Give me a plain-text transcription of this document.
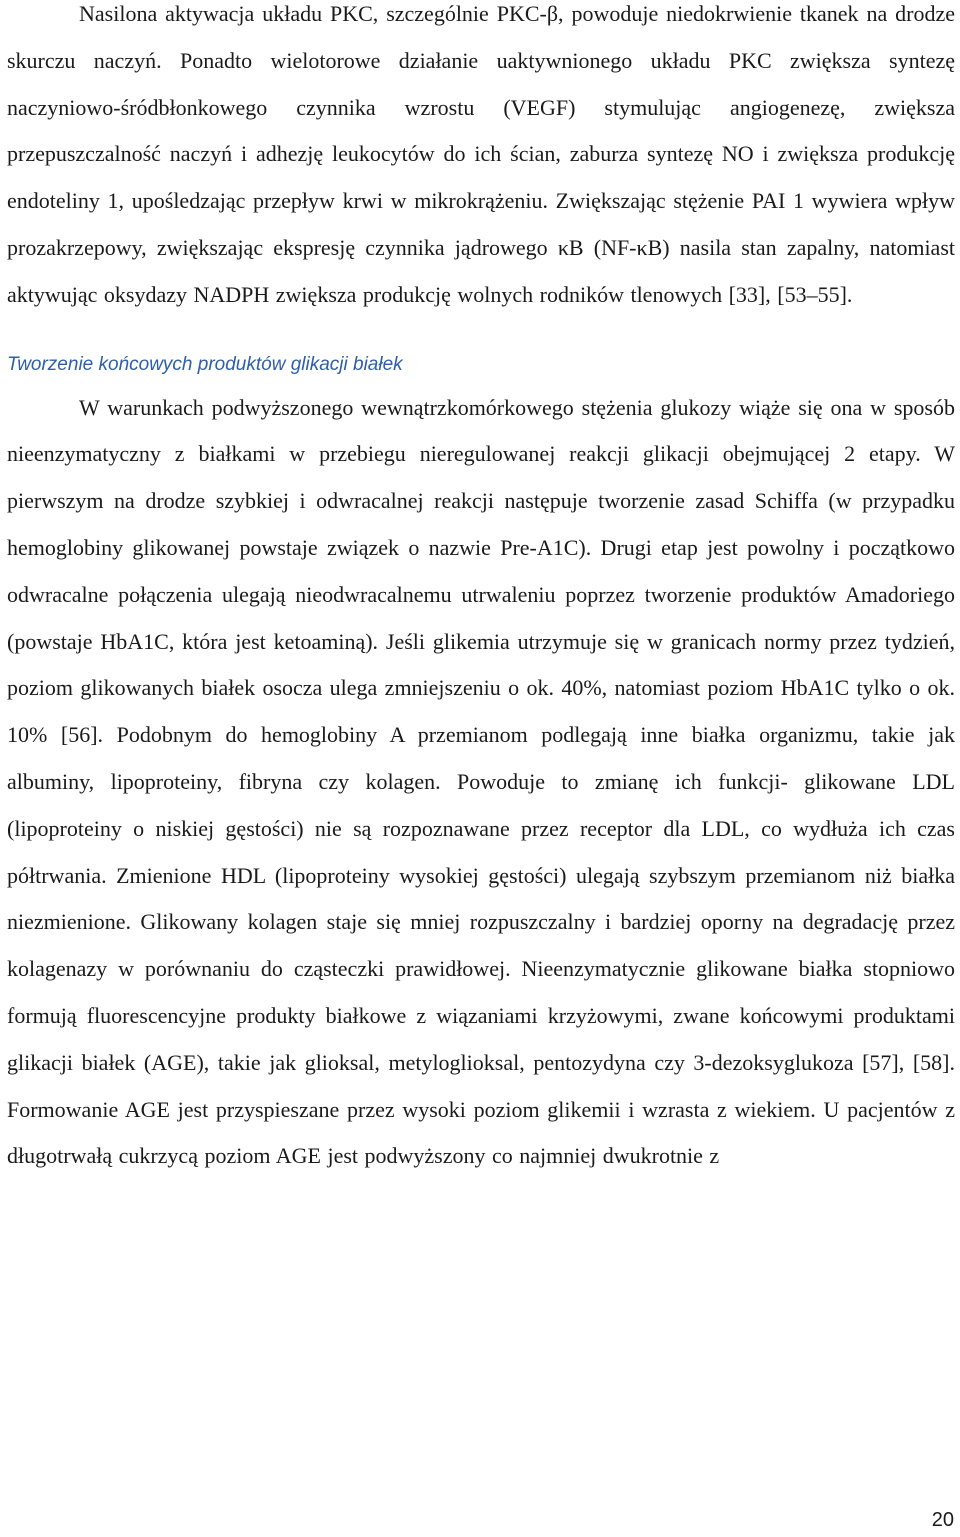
Nasilona aktywacja układu PKC, szczególnie PKC-β, powoduje niedokrwienie tkanek na drodze skurczu naczyń. Ponadto wielotorowe działanie uaktywnionego układu PKC zwiększa syntezę naczyniowo-śródbłonkowego czynnika wzrostu (VEGF) stymulując angiogenezę, zwiększa przepuszczalność naczyń i adhezję leukocytów do ich ścian, zaburza syntezę NO i zwiększa produkcję endoteliny 1, upośledzając przepływ krwi w mikrokrążeniu. Zwiększając stężenie PAI 1 wywiera wpływ prozakrzepowy, zwiększając ekspresję czynnika jądrowego κB (NF-κB) nasila stan zapalny, natomiast aktywując oksydazy NADPH zwiększa produkcję wolnych rodników tlenowych [33], [53–55].

Tworzenie końcowych produktów glikacji białek

W warunkach podwyższonego wewnątrzkomórkowego stężenia glukozy wiąże się ona w sposób nieenzymatyczny z białkami w przebiegu nieregulowanej reakcji glikacji obejmującej 2 etapy. W pierwszym na drodze szybkiej i odwracalnej reakcji następuje tworzenie zasad Schiffa (w przypadku hemoglobiny glikowanej powstaje związek o nazwie Pre-A1C). Drugi etap jest powolny i początkowo odwracalne połączenia ulegają nieodwracalnemu utrwaleniu poprzez tworzenie produktów Amadoriego (powstaje HbA1C, która jest ketoaminą). Jeśli glikemia utrzymuje się w granicach normy przez tydzień, poziom glikowanych białek osocza ulega zmniejszeniu o ok. 40%, natomiast poziom HbA1C tylko o ok. 10% [56]. Podobnym do hemoglobiny A przemianom podlegają inne białka organizmu, takie jak albuminy, lipoproteiny, fibryna czy kolagen. Powoduje to zmianę ich funkcji- glikowane LDL (lipoproteiny o niskiej gęstości) nie są rozpoznawane przez receptor dla LDL, co wydłuża ich czas półtrwania. Zmienione HDL (lipoproteiny wysokiej gęstości) ulegają szybszym przemianom niż białka niezmienione. Glikowany kolagen staje się mniej rozpuszczalny i bardziej oporny na degradację przez kolagenazy w porównaniu do cząsteczki prawidłowej. Nieenzymatycznie glikowane białka stopniowo formują fluorescencyjne produkty białkowe z wiązaniami krzyżowymi, zwane końcowymi produktami glikacji białek (AGE), takie jak glioksal, metyloglioksal, pentozydyna czy 3-dezoksyglukoza [57], [58]. Formowanie AGE jest przyspieszane przez wysoki poziom glikemii i wzrasta z wiekiem. U pacjentów z długotrwałą cukrzycą poziom AGE jest podwyższony co najmniej dwukrotnie z

20
